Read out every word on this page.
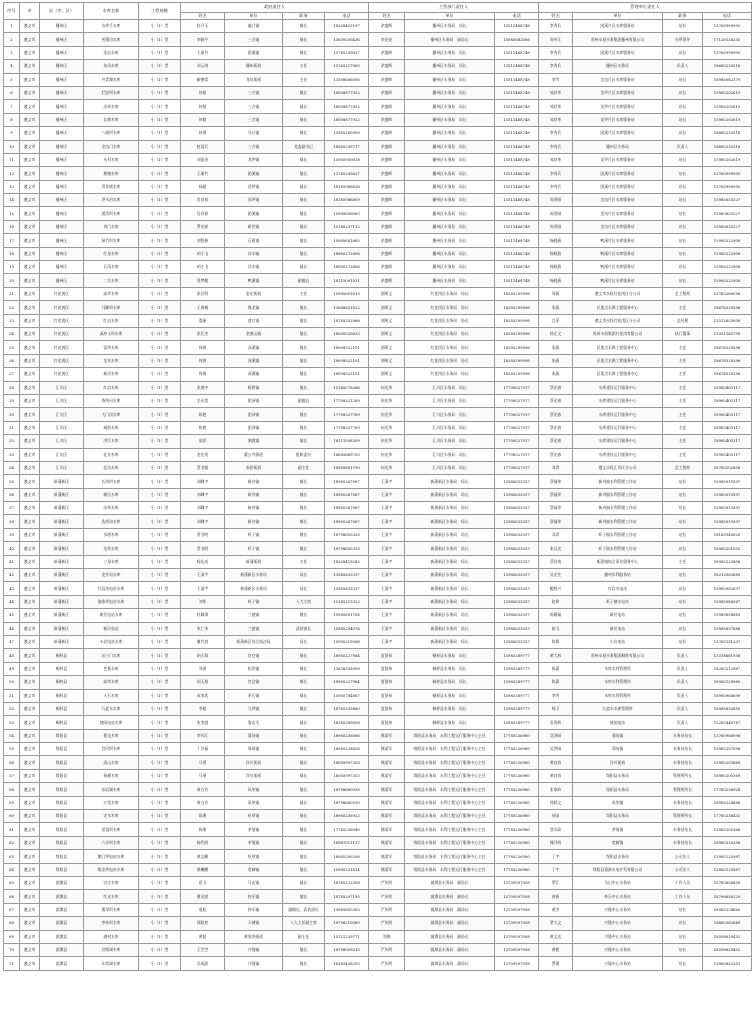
序号	市	县（市、区）	水库名称	工程规模	政府责任人				主管部门责任人			管理单位责任人			
					姓名	单位	职务	电话	姓名	单位	电话	姓名	单位	职务	电话
1	遵义市	播州区	水库千水库	小（1）型	符开玉	偏门镇	镇长	18208403197	余盛辉	播州区水务局　局长	13511468748	李秀兵	团溪片区水库服务站	站长	13765999995
2	遵义市	播州区	苦猪田水库	小（1）型	李晓平	三合镇	镇长	13639250436	李光亮	播州区水务局　副局长	15085682066	周中江	贵州水投水务集团播州有限公司	分管领导	17128128255
3	遵义市	播州区	龙岩水库	小（1）型	王丽竹	团溪镇	镇长	13765209627	余盛辉	播州区水务局　局长	13511468748	李秀兵	团溪片区水库服务站	站长	13765999995
4	遵义市	播州区	东风水库	小（1）型	刘云涛	播州街道	主任	15765217065	余盛辉	播州区水务局　局长	13511468748	李秀兵	播州区水务局	负责人	18685220518
5	遵义市	播州区	共青湖水库	小（1）型	解德常	龙坑街道	主任	13308606898	余盛辉	播州区水务局　局长	13511468748	李雪	龙坑片区水库服务站	站长	18985062379
6	遵义市	播州区	烂泥坝水库	小（1）型	何韬	三合镇	镇长	18508877922	余盛辉	播州区水务局　局长	13511468748	邹祥华	龙坪片区水库服务站	站长	15985202619
7	遵义市	播州区	沙坝水库	小（1）型	何韬	三合镇	镇长	18508877922	余盛辉	播州区水务局　局长	13511468748	邹祥华	龙坪片区水库服务站	站长	15985202619
8	遵义市	播州区	长期水库	小（1）型	何韬	三合镇	镇长	18508877922	余盛辉	播州区水务局　局长	13511468748	邹祥华	龙坪片区水库服务站	站长	15985202619
9	遵义市	播州区	八堰坝水库	小（1）型	何勇	马口镇	镇长	13985260909	余盛辉	播州区水务局　局长	13511468748	李秀兵	团溪片区水库服务站	站长	18685220518
10	遵义市	播州区	龙坑门水库	小（1）型	赵国兵	三合镇	党委副书记	18565230717	余盛辉	播州区水务局　局长	13511468748	李秀兵	播州区水务局	负责人	18685220518
11	遵义市	播州区	头村水库	小（1）型	刘国金	龙坪镇	镇长	15985950818	余盛辉	播州区水务局　局长	13511468748	邹祥华	龙坪片区水库服务站	站长	15985202619
12	遵义市	播州区	堰塘水库	小（1）型	王丽竹	团溪镇	镇长	13765209627	余盛辉	播州区水务局　局长	13511468748	李秀兵	团溪片区水库服务站	站长	13765999995
13	遵义市	播州区	青年堰水库	小（1）型	杨超	西坪镇	镇长	18185966626	余盛辉	播州区水务局　局长	13511468748	李秀兵	团溪片区水库服务站	站长	13765999995
14	遵义市	播州区	洪水河水库	小（1）型	肖祥春	西坪镇	镇长	18185966809	余盛辉	播州区水务局　局长	13511468748	周晋刚	龙坑片区水库服务站	站长	15985653227
15	遵义市	播州区	团西坝水库	小（1）型	肖祥春	团溪镇	镇长	15985656083	余盛辉	播州区水务局　局长	13511468748	周晋刚	龙坑片区水库服务站	站长	15985653227
16	遵义市	播州区	刘门水库	小（1）型	罗光春	新民镇	镇长	15185257112	余盛辉	播州区水务局　局长	13511468748	周晋刚	龙坑片区水库服务站	站长	15985653227
17	遵义市	播州区	绿竹坝水库	小（1）型	刘锐修	石板镇	镇长	15985681665	余盛辉	播州区水务局　局长	13511468748	杨晓燕	鸭溪片区水库服务站	站长	15985222908
18	遵义市	播州区	红星水库	小（1）型	胡小飞	洋水镇	镇长	18985272806	余盛辉	播州区水务局　局长	13511468748	杨晓燕	鸭溪片区水库服务站	站长	15985222908
19	遵义市	播州区	石凤水库	小（1）型	胡小飞	洋水镇	镇长	18985272806	余盛辉	播州区水务局　局长	13511468748	杨晓燕	鸭溪片区水库服务站	站长	15985222908
20	遵义市	播州区	二合水库	小（1）型	蔡梦婕	鸭溪镇	副镇长	18115091931	余盛辉	播州区水务局　局长	13511468748	杨晓燕	鸭溪片区水库服务站	站长	15985222908
21	遵义市	红花岗区	高坪水库	小（1）型	张后明	忠庄街道	主任	15985601619	郭明义	红花岗区水务局　局长	18285299996	邹燕	遵义市水投红花岗区分公司	总工程师	13765266096
22	遵义市	红花岗区	马蹄坝水库	小（1）型	王春梅	海龙镇	镇长	13668821822	郭明义	红花岗区水务局　局长	18285299996	朱燕	区重点水源工程服务中心	主任	18676529296
23	遵义市	红花岗区	红岩水库	小（1）型	娄丽	巷口镇	镇长	18785252966	郭明义	红花岗区水务局　局长	18285299996	吕萍	遵义市水投红花岗区分公司	总经理	13312653008
24	遵义市	红花岗区	深冲土坝水库	小（1）型	张江杰	金鼎山镇	镇长	18585529633	郭明义	红花岗区水务局　局长	18285299996	徐正文	贵州水投集团红花岗有限公司	执行董事	13351162799
25	遵义市	红花岗区	雷坝水库	小（1）型	何海	深溪镇	镇长	18908522101	郭明义	红花岗区水务局　局长	18285299996	朱燕	区重点水源工程服务中心	主任	18676529296
26	遵义市	红花岗区	龙泉水库	小（1）型	何海	深溪镇	镇长	18908522101	郭明义	红花岗区水务局　局长	18285299996	朱燕	区重点水源工程服务中心	主任	18676529296
27	遵义市	红花岗区	新民水库	小（1）型	何海	深溪镇	镇长	18908522101	郭明义	红花岗区水务局　局长	18285299996	朱燕	区重点水源工程服务中心	主任	18676529296
28	遵义市	汇川区	红岩水库	小（1）型	张建中	板桥镇	镇长	15148576266	何光华	汇川区水务局　局长	17708527917	蔡光春	水库建设运行服务中心	主任	18985403117
29	遵义市	汇川区	香坝河水库	小（1）型	毛永宽	团泽镇	副镇长	17708521289	何光华	汇川区水务局　局长	17708527917	蔡光春	水库建设运行服务中心	主任	18985403117
30	遵义市	汇川区	大门沟水库	小（1）型	陈艳	团泽镇	镇长	17708527769	何光华	汇川区水务局　局长	17708527917	蔡光春	水库建设运行服务中心	主任	18985403117
31	遵义市	汇川区	观仙水库	小（1）型	陈艳	团泽镇	镇长	17708527769	何光华	汇川区水务局　局长	17708527917	蔡光春	水库建设运行服务中心	主任	18985403117
32	遵义市	汇川区	洪江水库	小（1）型	高雷	泗渡镇	镇长	18111558309	何光华	汇川区水务局　局长	17708527917	蔡光春	水库建设运行服务中心	主任	18985403117
33	遵义市	汇川区	北关水库	小（1）型	金先贵	董公寺街道	组织委员	18685669750	何光华	汇川区水务局　局长	17708527917	蔡光春	水库建设运行服务中心	主任	18985403117
34	遵义市	汇川区	北坑水库	小（1）型	蔡书超	高桥街道	副主任	18985691799	何光华	汇川区水务局　局长	17708527917	邓青	遵义水投汇川区分公司	总工程师	18785202808
35	遵义市	新蒲新区	长岗坝水库	小（1）型	刘峰宇	新舟镇	镇长	18985267967	王清宇	新蒲新区水务局　局长	13985633337	蔡福荣	新舟镇水利管理工作站	站长	15985019397
36	遵义市	新蒲新区	新民水库	小（1）型	刘峰宇	新舟镇	镇长	18985267967	王清宇	新蒲新区水务局　局长	13985633337	蔡福荣	新舟镇水利管理工作站	站长	15985019397
37	遵义市	新蒲新区	沙坝水库	小（1）型	刘峰宇	新舟镇	镇长	18985267967	王清宇	新蒲新区水务局　局长	13985633337	蔡福荣	新舟镇水利管理工作站	站长	15985019397
38	遵义市	新蒲新区	洗坝沟水库	小（1）型	刘峰宇	新舟镇	镇长	18985267967	王清宇	新蒲新区水务局　局长	13985633337	蔡福荣	新舟镇水利管理工作站	站长	15985019397
39	遵义市	新蒲新区	水塔水库	小（1）型	蔡书明	虾子镇	镇长	18798655333	王清宇	新蒲新区水务局　局长	13985633337	邓青	虾子镇水利管理工作站	站长	18185940820
40	遵义市	新蒲新区	龙坝水库	小（1）型	蔡书明	虾子镇	镇长	18798655333	王清宇	新蒲新区水务局　局长	13985633337	张远光	虾子镇水利管理工作站	站长	18985251052
41	遵义市	新蒲新区	三星水库	小（1）型	杨仕成	新蒲街道	主任	18208419285	王清宇	新蒲新区水务局　局长	13985633337	蔡启南	新蒲镇综合事业服务中心	主任	18985223808
42	遵义市	新蒲新区	龙井沟水库	小（1）型	王清宇	新蒲新区水务局	局长	13985633337	王清宇	新蒲新区水务局　局长	13985633337	吴光生	播州水利服务站	站长	18212063689
43	遵义市	新蒲新区	红岩沟电站水库	小（1）型	王清宇	新蒲新区水务局	局长	13985633337	王清宇	新蒲新区水务局　局长	13985633337	鲍胜兴	红岩水电站	站长	13985982637
44	遵义市	新蒲新区	施家坝电站水库	小（1）型	刘华	虾子镇	人大主席	15185213322	王清宇	新蒲新区水务局　局长	13985633337	赵伟	虾子镇水电站	站长	15985086567
45	遵义市	新蒲新区	新民电站水库	小（1）型	杜颖琪	三渡镇	镇长	15985691706	王清宇	新蒲新区水务局　局长	13985633337	陈耀福	新民电站	站长	15985658869
46	遵义市	新蒲新区	新民电站	小（1）型	张仁华	三渡镇	武装部长	15985294076	王清宇	新蒲新区水务局　局长	13985633337	陈飞	新民电站	站长	15985657888
47	遵义市	新蒲新区	小岩电站水库	小（1）型	谢代容	新蒲新区综合执法局	局长	15985219568	王清宇	新蒲新区水务局　局长	13985633337	陈翔	小岩电站	站长	13765191207
48	遵义市	桐梓县	坛子门水库	小（1）型	胡天翔	官仓镇	镇长	18985227964	夏贤伟	桐梓县水务局　局长	15985289777	黄大林	贵州水投水务集团桐梓有限公司	负责人	13318681956
49	遵义市	桐梓县	芭蕉水库	小（1）型	邓勇	松坎镇	镇长	13638326908	夏贤伟	桐梓县水务局　局长	15985289777	陈潇	水库水利管理所	负责人	18285212967
50	遵义市	桐梓县	高坝水库	小（1）型	胡天翔	官仓镇	镇长	18985227964	夏贤伟	桐梓县水务局　局长	15985289777	陈潇	水库水利管理所	负责人	18985129985
51	遵义市	桐梓县	火石水库	小（1）型	成荣武	茅石镇	镇长	15985784887	夏贤伟	桐梓县水务局　局长	15985289777	李秀	水库水利管理所	负责人	18985968699
52	遵义市	桐梓县	九盆水水库	小（1）型	李韬	九坝镇	镇长	18785233880	夏贤伟	桐梓县水务局　局长	15985289777	杨卫	九盆水水库管理所	负责人	18985650855
53	遵义市	桐梓县	坡园电站水库	小（1）型	张金盛	娄山关	镇长	18285289006	夏贤伟	桐梓县水务局　局长	15985289777	袁贵辉	坡园电站	负责人	15285446787
54	遵义市	绥阳县	曹龙水库	小（1）型	李伐江	蒲场镇	镇长	18985236066	熊诺军	绥阳县水务局　水利工程运行服务中心主任	17785236980	沈泽刚	蒲场镇	水务站站长	13765966998
55	遵义市	绥阳县	官河坝水库	小（1）型	丁谷福	郑场镇	镇长	18985228828	熊诺军	绥阳县水务局　水利工程运行服务中心主任	17785236980	吴世刚	郑场镇	水务站站长	13985257096
56	遵义市	绥阳县	清山水库	小（1）型	马勇	洋川街道	镇长	18085997353	熊诺军	绥阳县水务局　水利工程运行服务中心主任	17785236980	黄昌容	洋川街道	水务站站长	13985203869
57	遵义市	绥阳县	杨柳水库	小（1）型	马勇	洋川街道	镇长	18085997353	熊诺军	绥阳县水务局　水利工程运行服务中心主任	17785236980	黄昌容	绥阳县水务局	管理所所长	18985200369
58	遵义市	绥阳县	东岩湖水库	小（1）型	周吉芳	风华镇	镇长	18798660039	熊诺军	绥阳县水务局　水利工程运行服务中心主任	17785236980	张家岭	绥阳县水务局	管理所所长	17785236928
59	遵义市	绥阳县	万里水库	小（1）型	周吉芳	风华镇	镇长	18798660039	熊诺军	绥阳县水务局　水利工程运行服务中心主任	17785236980	徐跃文	风华镇	水务站站长	18985224668
60	遵义市	绥阳县	定水水库	小（1）型	陈理	旺草镇	镇长	18985236922	熊诺军	绥阳县水务局　水利工程运行服务中心主任	17785236980	何国	绥阳县水务局	管理所所长	17785236432
61	遵义市	绥阳县	雷祖坝水库	小（1）型	陈理	茅垭镇	镇长	17785236940	熊诺军	绥阳县水务局　水利工程运行服务中心主任	17785236980	蔡水政	茅垭镇	水务站站长	13985205366
62	遵义市	绥阳县	六谷坝水库	小（1）型	杨代明	茅垭镇	镇长	18987011117	熊诺军	绥阳县水务局　水利工程运行服务中心主任	17785236980	熊开明	宽阔镇	水务站站长	18985325296
63	遵义市	绥阳县	鹅门坝电站水库	小（1）型	黄文峰	旺草镇	镇长	18985290208	熊诺军	绥阳县水务局　水利工程运行服务中心主任	17785236980	丁宇	绥阳县水务局	公司法人	13985125987
64	遵义市	绥阳县	集龙坝电站水库	小（1）型	黄曦鹏	宽阔镇	镇长	15985221814	熊诺军	绥阳县水务局　水利工程运行服务中心主任	17785236980	丁宇	绥阳县嘉源水电开发有限公司	公司法人	13985125987
65	遵义市	湄潭县	官庄水库	小（1）型	范飞	马山镇	镇长	18785222508	严庆明	湄潭县水务局　副局长	13709597008	罗江	马山中心水务站	工作人员	18785856659
66	遵义市	湄潭县	红光水库	小（1）型	曹光照	抄乐镇	镇长	18785297195	严庆明	湄潭县水务局　副局长	13709597008	黄新	抄乐中心水务站	工作人员	18798658229
67	遵义市	湄潭县	翡翠坝水库	小（1）型	莫松	抄乐镇	副镇长、武装部长	13985650365	严庆明	湄潭县水务局　副局长	13709597008	黄杰	兴隆中心水务站	站长	18985224665
68	遵义市	湄潭县	李家坝水库	小（1）型	郑阳欢	天城镇	人大主任副主席	18798210089	严庆明	湄潭县水务局　副局长	13709597008	罗大文	兴隆中心水务站	站长	18685362649
69	遵义市	湄潭县	潘村水库	小（1）型	黄韬	黄家坝街道	副主任	15121229771	刘海	湄潭县水务局　副局长	13709597008	黄文达	兴隆中心水务站	站长	18598629452
70	遵义市	湄潭县	官堰洞水库	小（1）型	王笠空	兴隆镇	镇长	18798059215	严庆明	湄潭县水务局　副局长	13709597008	黄韬	兴隆中心水务站	站长	18598629452
71	遵义市	湄潭县	车窝洞水库	小（1）型	冯成波	兴隆镇	镇长	18185436205	严庆明	湄潭县水务局　副局长	13709597008	罗建	兴隆中心水务站	站长	13985652281
